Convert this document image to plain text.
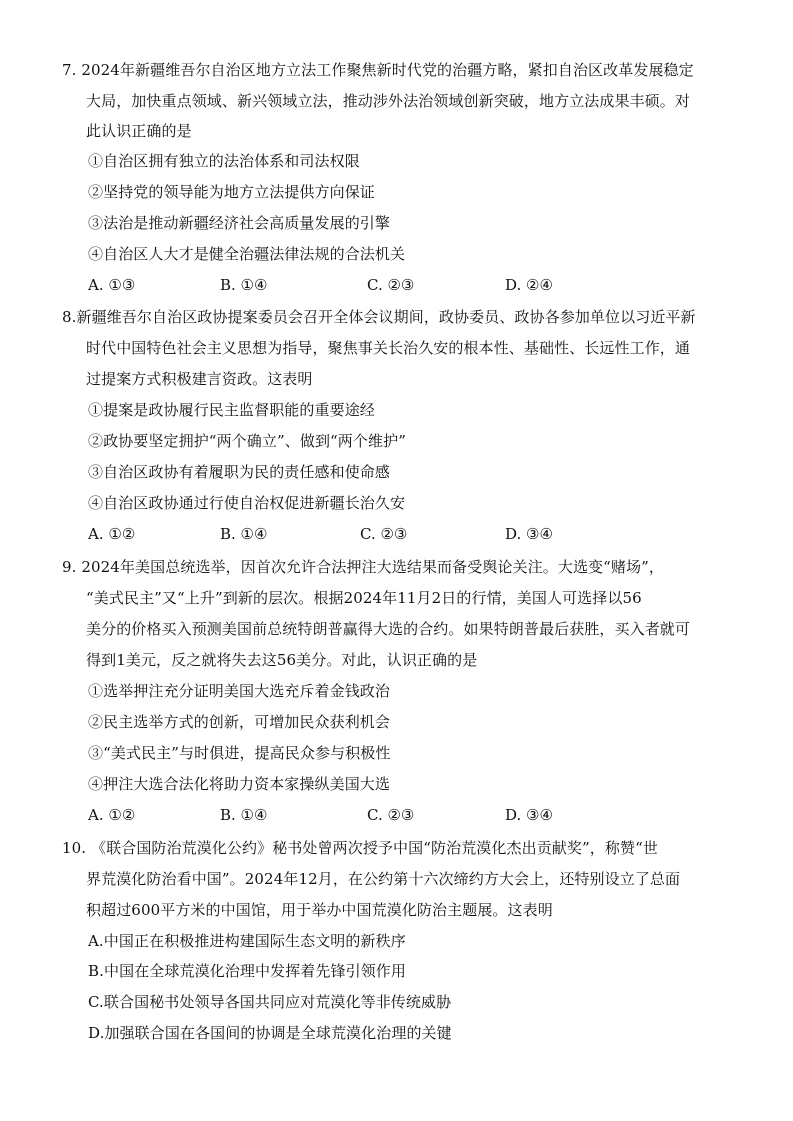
7. 2024年新疆维吾尔自治区地方立法工作聚焦新时代党的治疆方略，紧扣自治区改革发展稳定
大局，加快重点领域、新兴领域立法，推动涉外法治领域创新突破，地方立法成果丰硕。对
此认识正确的是
①自治区拥有独立的法治体系和司法权限
②坚持党的领导能为地方立法提供方向保证
③法治是推动新疆经济社会高质量发展的引擎
④自治区人大才是健全治疆法律法规的合法机关
A. ①③	B. ①④	C. ②③	D. ②④
8.新疆维吾尔自治区政协提案委员会召开全体会议期间，政协委员、政协各参加单位以习近平新
时代中国特色社会主义思想为指导，聚焦事关长治久安的根本性、基础性、长远性工作，通
过提案方式积极建言资政。这表明
①提案是政协履行民主监督职能的重要途经
②政协要坚定拥护“两个确立”、做到“两个维护”
③自治区政协有着履职为民的责任感和使命感
④自治区政协通过行使自治权促进新疆长治久安
A. ①②	B. ①④	C. ②③	D. ③④
9. 2024年美国总统选举，因首次允许合法押注大选结果而备受舆论关注。大选变“赌场”，
“美式民主”又“上升”到新的层次。根据2024年11月2日的行情，美国人可选择以56
美分的价格买入预测美国前总统特朗普赢得大选的合约。如果特朗普最后获胜，买入者就可
得到1美元，反之就将失去这56美分。对此，认识正确的是
①选举押注充分证明美国大选充斥着金钱政治
②民主选举方式的创新，可增加民众获利机会
③“美式民主”与时俱进，提高民众参与积极性
④押注大选合法化将助力资本家操纵美国大选
A. ①②	B. ①④	C. ②③	D. ③④
10. 《联合国防治荒漠化公约》秘书处曾两次授予中国“防治荒漠化杰出贡献奖”，称赞“世
界荒漠化防治看中国”。2024年12月，在公约第十六次缔约方大会上，还特别设立了总面
积超过600平方米的中国馆，用于举办中国荒漠化防治主题展。这表明
A.中国正在积极推进构建国际生态文明的新秩序
B.中国在全球荒漠化治理中发挥着先锋引领作用
C.联合国秘书处领导各国共同应对荒漠化等非传统威胁
D.加强联合国在各国间的协调是全球荒漠化治理的关键
